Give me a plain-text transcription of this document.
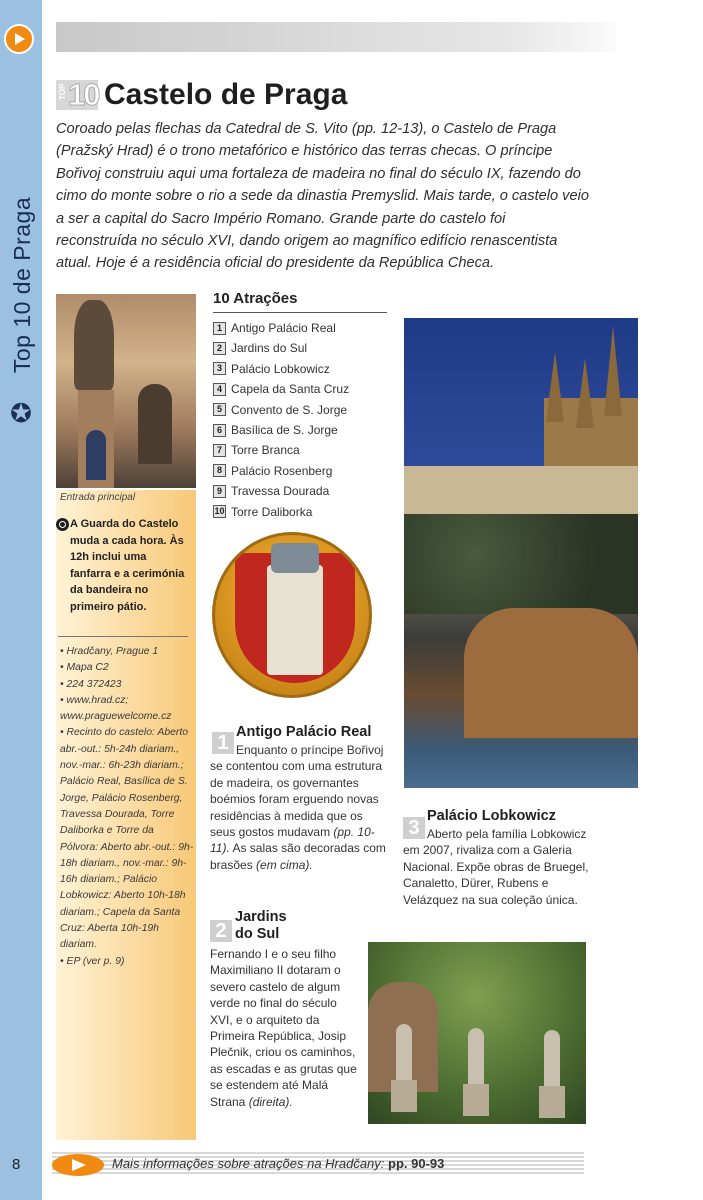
Top 10 de Praga
✪
8
TOP 10 Castelo de Praga

Coroado pelas flechas da Catedral de S. Vito (pp. 12-13), o Castelo de Praga (Pražský Hrad) é o trono metafórico e histórico das terras checas. O príncipe Bořivoj construiu aqui uma fortaleza de madeira no final do século IX, fazendo do cimo do monte sobre o rio a sede da dinastia Premyslid. Mais tarde, o castelo veio a ser a capital do Sacro Império Romano. Grande parte do castelo foi reconstruída no século XVI, dando origem ao magnífico edifício renascentista atual. Hoje é a residência oficial do presidente da República Checa.

Entrada principal
A Guarda do Castelo muda a cada hora. Às 12h inclui uma fanfarra e a cerimónia da bandeira no primeiro pátio.
• Hradčany, Prague 1
• Mapa C2
• 224 372423
• www.hrad.cz; www.praguewelcome.cz
• Recinto do castelo: Aberto abr.-out.: 5h-24h diariam., nov.-mar.: 6h-23h diariam.; Palácio Real, Basílica de S. Jorge, Palácio Rosenberg, Travessa Dourada, Torre Daliborka e Torre da Pólvora: Aberto abr.-out.: 9h-18h diariam., nov.-mar.: 9h-16h diariam.; Palácio Lobkowicz: Aberto 10h-18h diariam.; Capela da Santa Cruz: Aberta 10h-19h diariam.
• EP (ver p. 9)
10 Atrações
1 Antigo Palácio Real
2 Jardins do Sul
3 Palácio Lobkowicz
4 Capela da Santa Cruz
5 Convento de S. Jorge
6 Basílica de S. Jorge
7 Torre Branca
8 Palácio Rosenberg
9 Travessa Dourada
10 Torre Daliborka
1 Antigo Palácio Real

Enquanto o príncipe Bořivoj se contentou com uma estrutura de madeira, os governantes boémios foram erguendo novas residências à medida que os seus gostos mudavam (pp. 10-11). As salas são decoradas com brasões (em cima).

2
Jardins
do Sul

Fernando I e o seu filho Maximiliano II dotaram o severo castelo de algum verde no final do século XVI, e o arquiteto da Primeira República, Josip Plečnik, criou os caminhos, as escadas e as grutas que se estendem até Malá Strana (direita).

3
Palácio Lobkowicz

Aberto pela família Lobkowicz em 2007, rivaliza com a Galeria Nacional. Expõe obras de Bruegel, Canaletto, Dürer, Rubens e Velázquez na sua coleção única.

Mais informações sobre atrações na Hradčany: pp. 90-93
